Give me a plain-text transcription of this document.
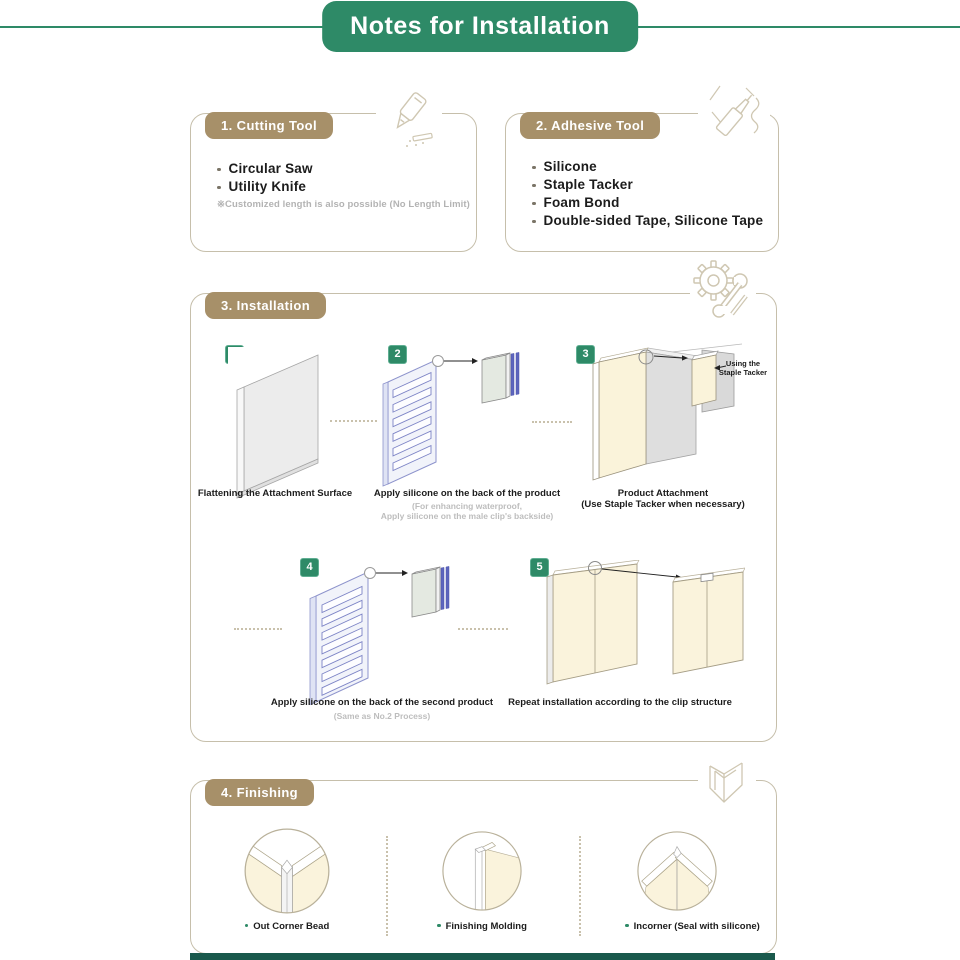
Notes for Installation
1. Cutting Tool
Circular Saw
Utility Knife
※Customized length is also possible (No Length Limit)
2. Adhesive Tool
Silicone
Staple Tacker
Foam Bond
Double-sided Tape, Silicone Tape
3. Installation
Flattening the Attachment Surface
2
Apply silicone on the back of the product
(For enhancing waterproof,
Apply silicone on the male clip's backside)
3
Using the
Staple Tacker
Product Attachment
(Use Staple Tacker when necessary)
4
Apply silicone on the back of the second product
(Same as No.2 Process)
5
Repeat installation according to the clip structure
4. Finishing
Out Corner Bead	Finishing Molding	Incorner (Seal with silicone)
